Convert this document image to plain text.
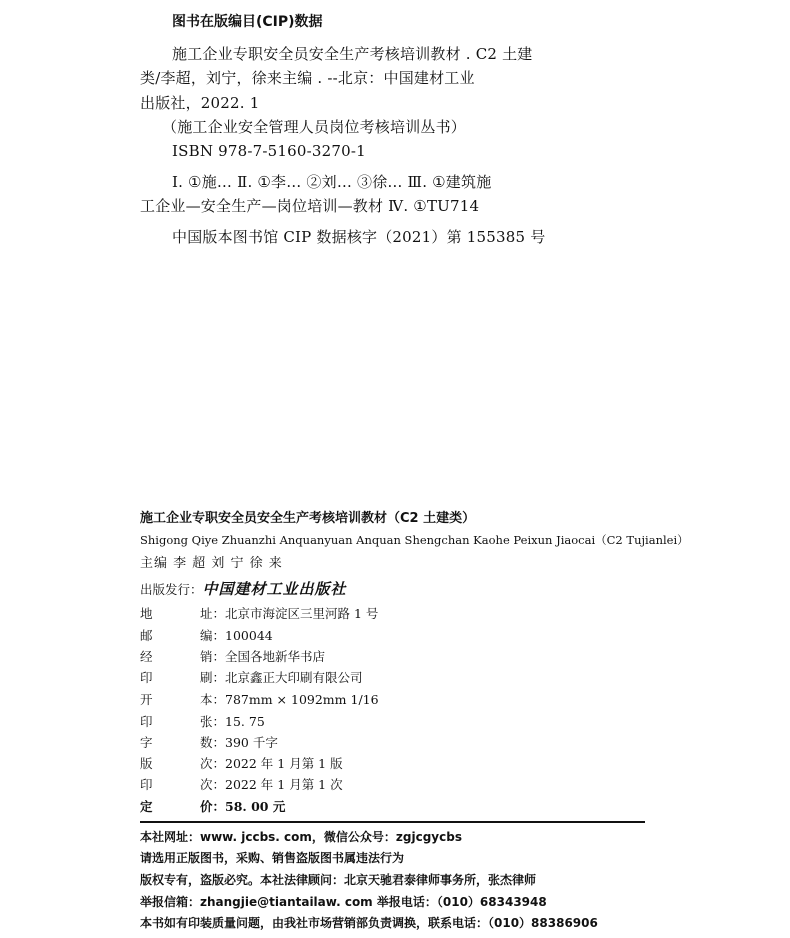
图书在版编目(CIP)数据
施工企业专职安全员安全生产考核培训教材 . C2 土建
类/李超，刘宁，徐来主编 . --北京：中国建材工业
出版社，2022. 1
（施工企业安全管理人员岗位考核培训丛书）
ISBN 978-7-5160-3270-1
Ⅰ. ①施… Ⅱ. ①李… ②刘… ③徐… Ⅲ. ①建筑施
工企业—安全生产—岗位培训—教材 Ⅳ. ①TU714
中国版本图书馆 CIP 数据核字（2021）第 155385 号
施工企业专职安全员安全生产考核培训教材（C2 土建类）
Shigong Qiye Zhuanzhi Anquanyuan Anquan Shengchan Kaohe Peixun Jiaocai（C2 Tujianlei）
主编 李 超 刘 宁 徐 来
出版发行：中国建材工业出版社
地	址：北京市海淀区三里河路 1 号
邮	编：100044
经	销：全国各地新华书店
印	刷：北京鑫正大印刷有限公司
开	本：787mm × 1092mm 1/16
印	张：15. 75
字	数：390 千字
版	次：2022 年 1 月第 1 版
印	次：2022 年 1 月第 1 次
定	价：58. 00 元
本社网址：www. jccbs. com，微信公众号：zgjcgycbs
请选用正版图书，采购、销售盗版图书属违法行为
版权专有，盗版必究。本社法律顾问：北京天驰君泰律师事务所，张杰律师
举报信箱：zhangjie@tiantailaw. com 举报电话：（010）68343948
本书如有印装质量问题，由我社市场营销部负责调换，联系电话：（010）88386906
